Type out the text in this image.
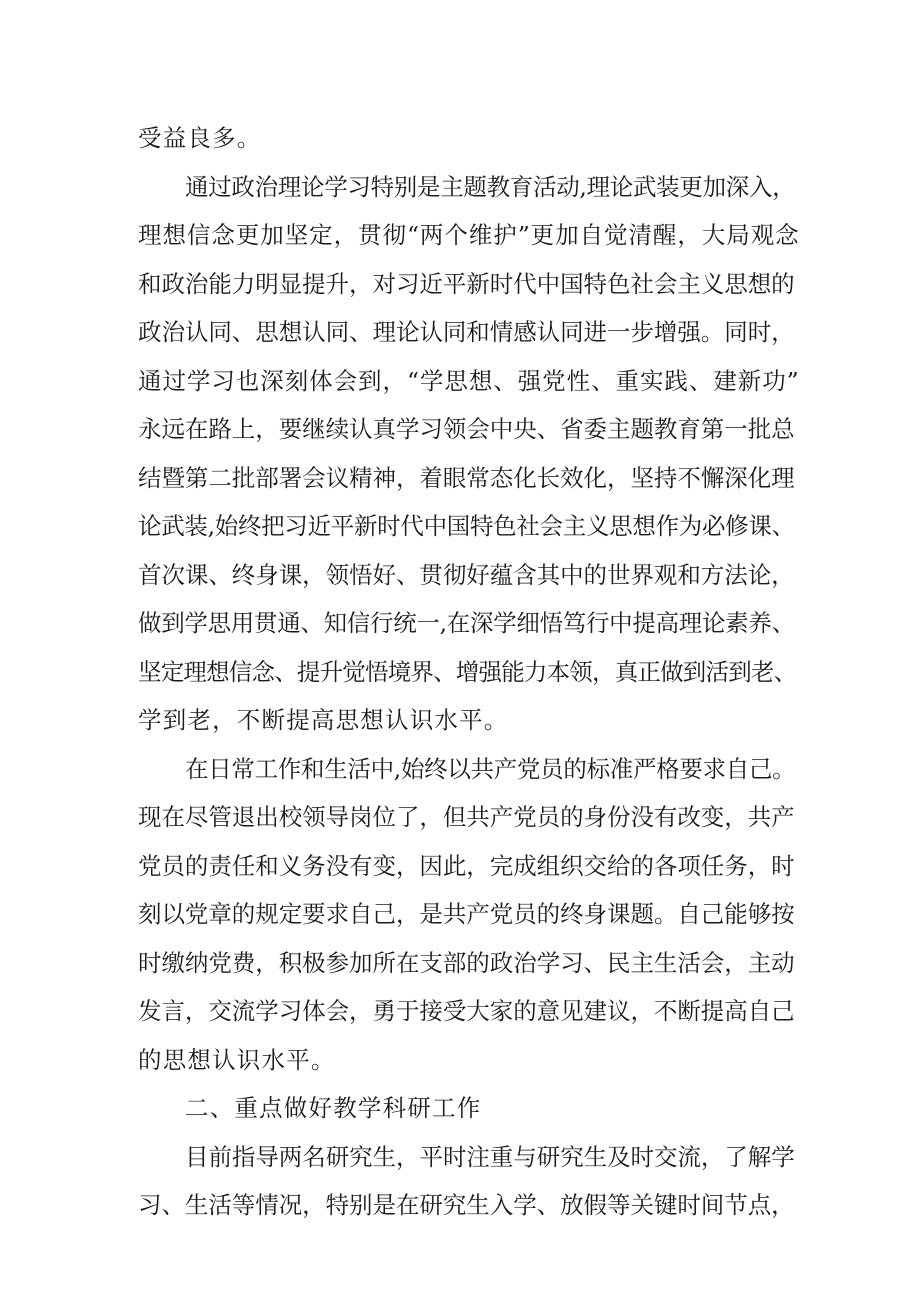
受益良多。
通过政治理论学习特别是主题教育活动,理论武装更加深入，
理想信念更加坚定，贯彻“两个维护”更加自觉清醒，大局观念
和政治能力明显提升，对习近平新时代中国特色社会主义思想的
政治认同、思想认同、理论认同和情感认同进一步增强。同时，
通过学习也深刻体会到，“学思想、强党性、重实践、建新功”
永远在路上，要继续认真学习领会中央、省委主题教育第一批总
结暨第二批部署会议精神，着眼常态化长效化，坚持不懈深化理
论武装,始终把习近平新时代中国特色社会主义思想作为必修课、
首次课、终身课，领悟好、贯彻好蕴含其中的世界观和方法论，
做到学思用贯通、知信行统一,在深学细悟笃行中提高理论素养、
坚定理想信念、提升觉悟境界、增强能力本领，真正做到活到老、
学到老，不断提高思想认识水平。
在日常工作和生活中,始终以共产党员的标准严格要求自己。
现在尽管退出校领导岗位了，但共产党员的身份没有改变，共产
党员的责任和义务没有变，因此，完成组织交给的各项任务，时
刻以党章的规定要求自己，是共产党员的终身课题。自己能够按
时缴纳党费，积极参加所在支部的政治学习、民主生活会，主动
发言，交流学习体会，勇于接受大家的意见建议，不断提高自己
的思想认识水平。
二、重点做好教学科研工作
目前指导两名研究生，平时注重与研究生及时交流，了解学
习、生活等情况，特别是在研究生入学、放假等关键时间节点，
